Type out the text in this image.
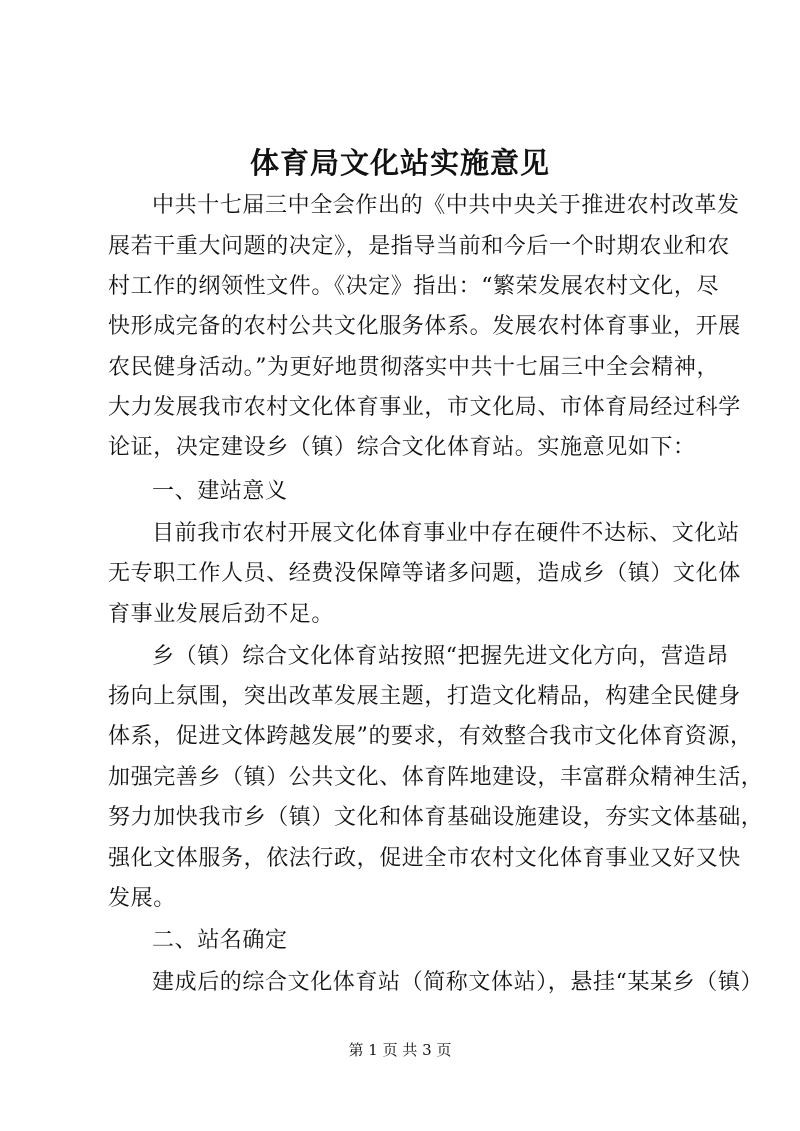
体育局文化站实施意见
中共十七届三中全会作出的《中共中央关于推进农村改革发
展若干重大问题的决定》，是指导当前和今后一个时期农业和农
村工作的纲领性文件。《决定》指出：“繁荣发展农村文化，尽
快形成完备的农村公共文化服务体系。发展农村体育事业，开展
农民健身活动。”为更好地贯彻落实中共十七届三中全会精神，
大力发展我市农村文化体育事业，市文化局、市体育局经过科学
论证，决定建设乡（镇）综合文化体育站。实施意见如下：
一、建站意义
目前我市农村开展文化体育事业中存在硬件不达标、文化站
无专职工作人员、经费没保障等诸多问题，造成乡（镇）文化体
育事业发展后劲不足。
乡（镇）综合文化体育站按照“把握先进文化方向，营造昂
扬向上氛围，突出改革发展主题，打造文化精品，构建全民健身
体系，促进文体跨越发展”的要求，有效整合我市文化体育资源，
加强完善乡（镇）公共文化、体育阵地建设，丰富群众精神生活，
努力加快我市乡（镇）文化和体育基础设施建设，夯实文体基础，
强化文体服务，依法行政，促进全市农村文化体育事业又好又快
发展。
二、站名确定
建成后的综合文化体育站（简称文体站），悬挂“某某乡（镇）
第 1 页 共 3 页
